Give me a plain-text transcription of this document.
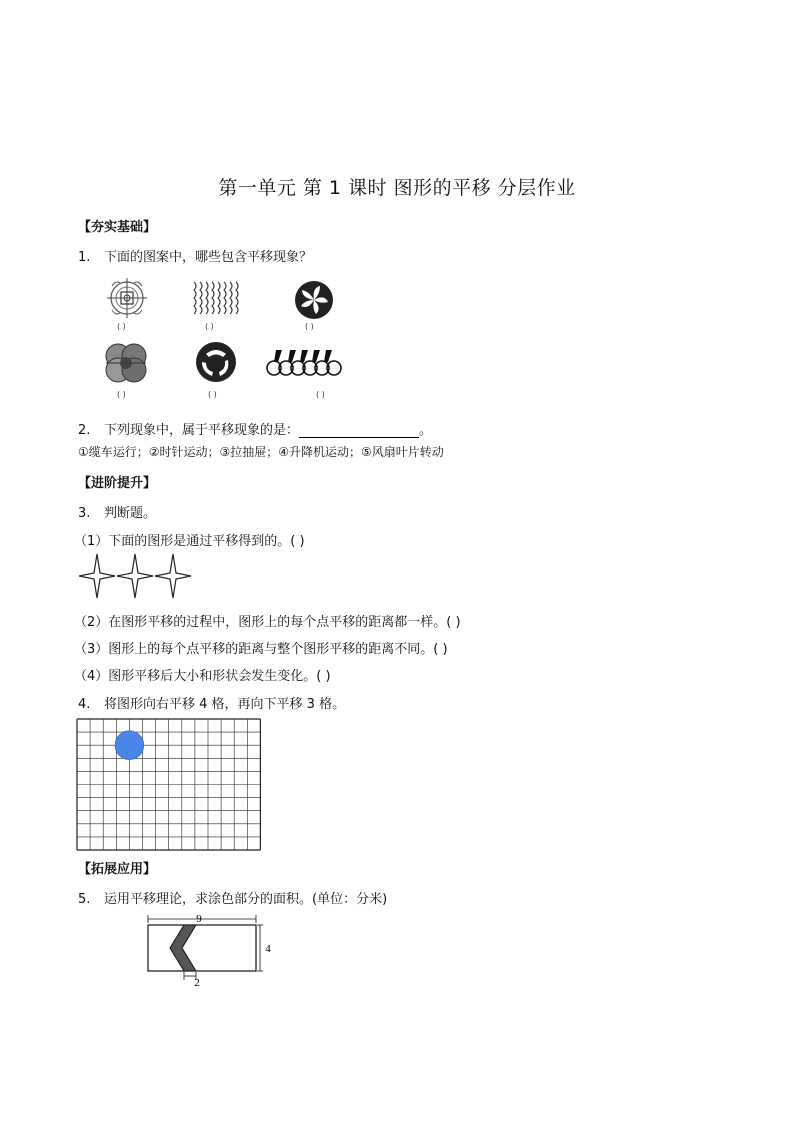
第一单元 第 1 课时 图形的平移 分层作业
【夯实基础】
1. 下面的图案中，哪些包含平移现象？
( )	( )	( )
( )	( )	( )
2. 下列现象中，属于平移现象的是：	。
①缆车运行；②时针运动；③拉抽屉；④升降机运动；⑤风扇叶片转动
【进阶提升】
3. 判断题。
（1）下面的图形是通过平移得到的。( )
（2）在图形平移的过程中，图形上的每个点平移的距离都一样。( )
（3）图形上的每个点平移的距离与整个图形平移的距离不同。( )
（4）图形平移后大小和形状会发生变化。( )
4. 将图形向右平移 4 格，再向下平移 3 格。
【拓展应用】
5. 运用平移理论，求涂色部分的面积。(单位：分米)
9
4
2
